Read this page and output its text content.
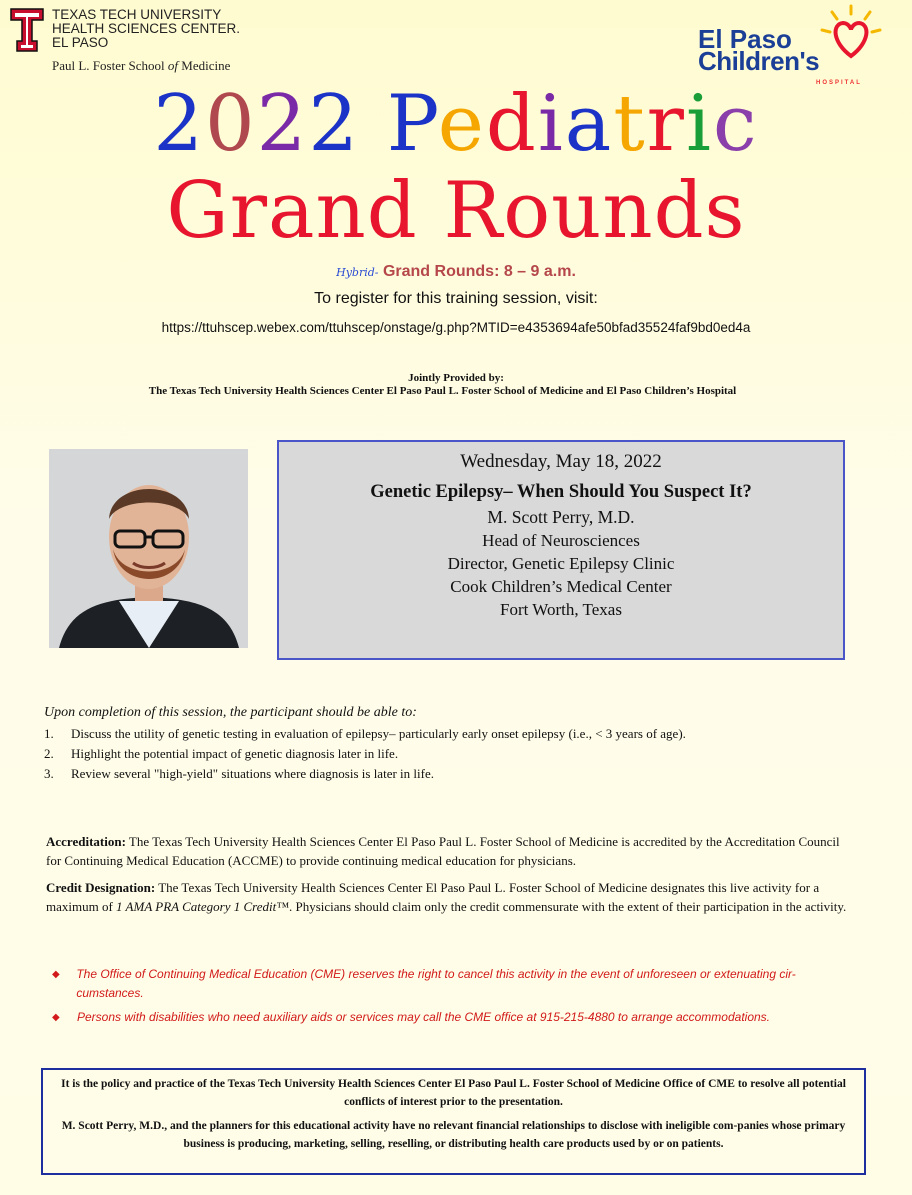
TEXAS TECH UNIVERSITY
HEALTH SCIENCES CENTER.
EL PASO
Paul L. Foster School of Medicine
El Paso
Children's
HOSPITAL
2022 Pediatric
Grand Rounds
Hybrid- Grand Rounds: 8 – 9 a.m.
To register for this training session, visit:
https://ttuhscep.webex.com/ttuhscep/onstage/g.php?MTID=e4353694afe50bfad35524faf9bd0ed4a
Jointly Provided by:
The Texas Tech University Health Sciences Center El Paso Paul L. Foster School of Medicine and El Paso Children’s Hospital
Wednesday, May 18, 2022
Genetic Epilepsy– When Should You Suspect It?
M. Scott Perry, M.D.
Head of Neurosciences
Director, Genetic Epilepsy Clinic
Cook Children’s Medical Center
Fort Worth, Texas
Upon completion of this session, the participant should be able to:
1.	Discuss the utility of genetic testing in evaluation of epilepsy– particularly early onset epilepsy (i.e., < 3 years of age).
2.	Highlight the potential impact of genetic diagnosis later in life.
3.	Review several "high-yield" situations where diagnosis is later in life.

Accreditation: The Texas Tech University Health Sciences Center El Paso Paul L. Foster School of Medicine is accredited by the Accreditation Council for Continuing Medical Education (ACCME) to provide continuing medical education for physicians.

Credit Designation: The Texas Tech University Health Sciences Center El Paso Paul L. Foster School of Medicine designates this live activity for a maximum of 1 AMA PRA Category 1 Credit™. Physicians should claim only the credit commensurate with the extent of their participation in the activity.

◆	The Office of Continuing Medical Education (CME) reserves the right to cancel this activity in the event of unforeseen or extenuating cir-cumstances.
◆	Persons with disabilities who need auxiliary aids or services may call the CME office at 915-215-4880 to arrange accommodations.

It is the policy and practice of the Texas Tech University Health Sciences Center El Paso Paul L. Foster School of Medicine Office of CME to resolve all potential conflicts of interest prior to the presentation.

M. Scott Perry, M.D., and the planners for this educational activity have no relevant financial relationships to disclose with ineligible com-panies whose primary business is producing, marketing, selling, reselling, or distributing health care products used by or on patients.
